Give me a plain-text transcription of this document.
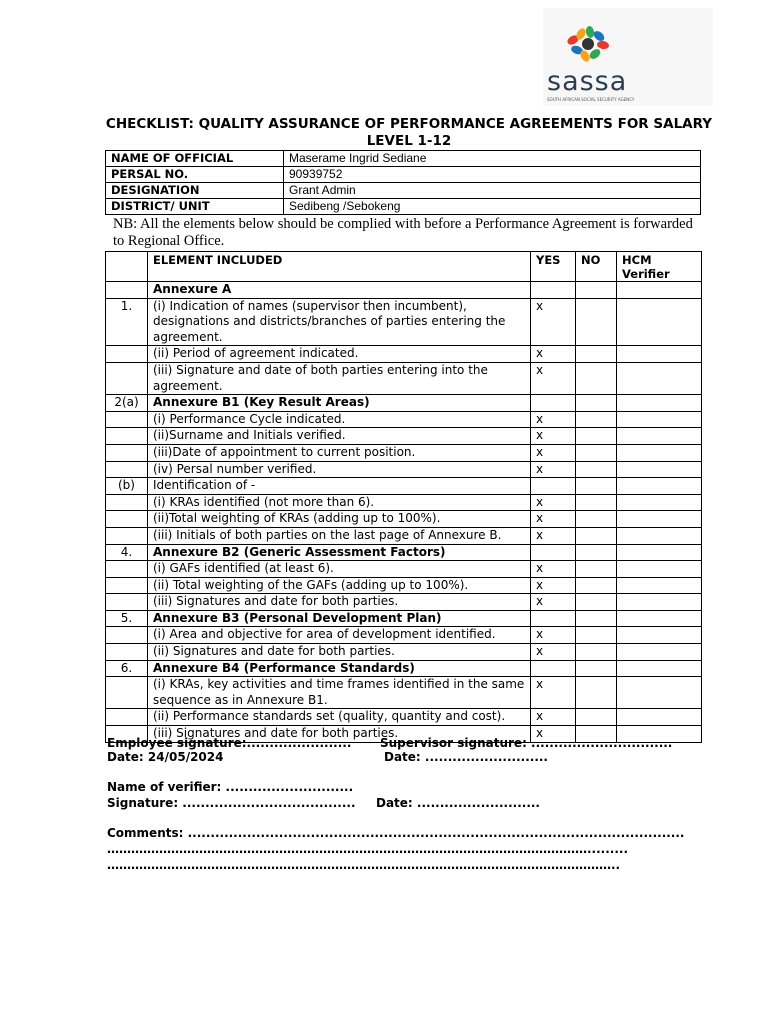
sassa
SOUTH AFRICAN SOCIAL SECURITY AGENCY
CHECKLIST: QUALITY ASSURANCE OF PERFORMANCE AGREEMENTS FOR SALARY LEVEL 1-12
NAME OF OFFICIAL	Maserame Ingrid Sediane
PERSAL NO.	90939752
DESIGNATION	Grant Admin
DISTRICT/ UNIT	Sedibeng /Sebokeng
NB: All the elements below should be complied with before a Performance Agreement is forwarded to Regional Office.
	ELEMENT INCLUDED	YES	NO	HCM Verifier
	Annexure A			
1.	(i) Indication of names (supervisor then incumbent), designations and districts/branches of parties entering the agreement.	x		
	(ii) Period of agreement indicated.	x		
	(iii) Signature and date of both parties entering into the agreement.	x		
2(a)	Annexure B1 (Key Result Areas)			
	(i) Performance Cycle indicated.	x		
	(ii)Surname and Initials verified.	x		
	(iii)Date of appointment to current position.	x		
	(iv) Persal number verified.	x		
(b)	Identification of -			
	(i) KRAs identified (not more than 6).	x		
	(ii)Total weighting of KRAs (adding up to 100%).	x		
	(iii) Initials of both parties on the last page of Annexure B.	x		
4.	Annexure B2 (Generic Assessment Factors)			
	(i) GAFs identified (at least 6).	x		
	(ii) Total weighting of the GAFs (adding up to 100%).	x		
	(iii) Signatures and date for both parties.	x		
5.	Annexure B3 (Personal Development Plan)			
	(i) Area and objective for area of development identified.	x		
	(ii) Signatures and date for both parties.	x		
6.	Annexure B4 (Performance Standards)			
	(i) KRAs, key activities and time frames identified in the same sequence as in Annexure B1.	x		
	(ii) Performance standards set (quality, quantity and cost).	x		
	(iii) Signatures and date for both parties.	x		
Employee signature:....................... Supervisor signature: ...............................
Date: 24/05/2024	Date: ...........................
Name of verifier: ............................
Signature: ...................................... Date: ...........................
Comments: .............................................................................................................
………………………………………………………………………………………………………….........
………………………………………………………………………………………………………………..
